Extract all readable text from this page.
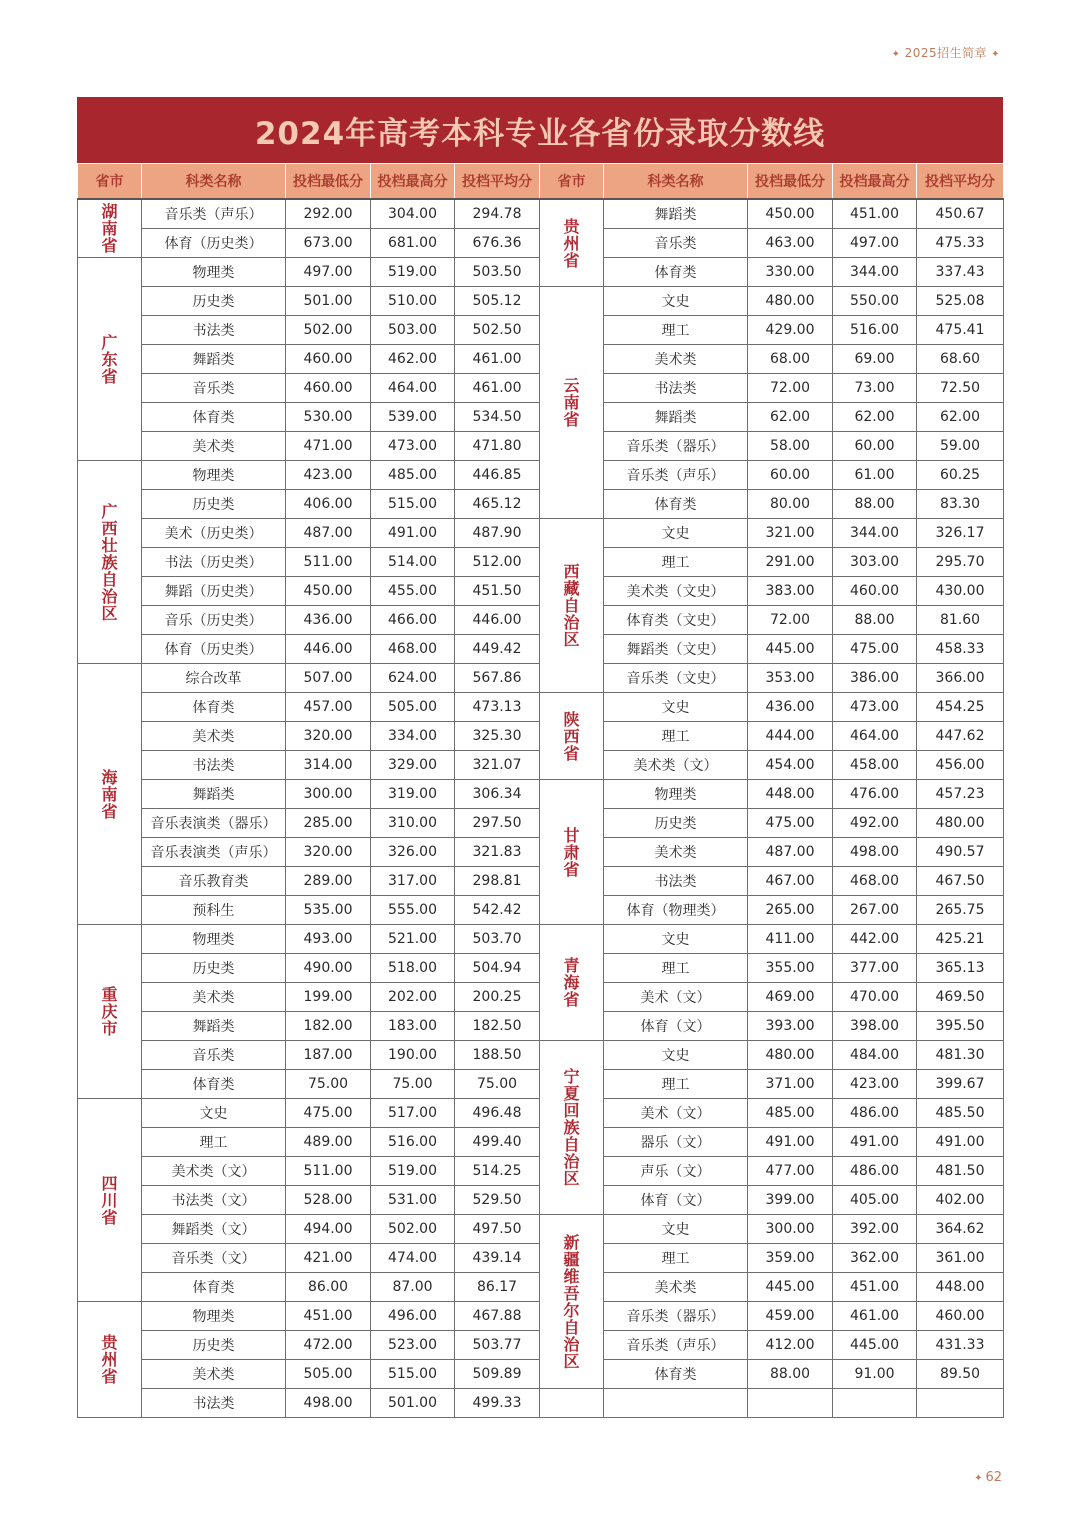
✦ 2025招生简章 ✦
2024年高考本科专业各省份录取分数线
省市	科类名称	投档最低分	投档最高分	投档平均分	省市	科类名称	投档最低分	投档最高分	投档平均分
湖南省	音乐类（声乐）	292.00	304.00	294.78	贵州省	舞蹈类	450.00	451.00	450.67
	体育（历史类）	673.00	681.00	676.36		音乐类	463.00	497.00	475.33
广东省	物理类	497.00	519.00	503.50		体育类	330.00	344.00	337.43
	历史类	501.00	510.00	505.12	云南省	文史	480.00	550.00	525.08
	书法类	502.00	503.00	502.50		理工	429.00	516.00	475.41
	舞蹈类	460.00	462.00	461.00		美术类	68.00	69.00	68.60
	音乐类	460.00	464.00	461.00		书法类	72.00	73.00	72.50
	体育类	530.00	539.00	534.50		舞蹈类	62.00	62.00	62.00
	美术类	471.00	473.00	471.80		音乐类（器乐）	58.00	60.00	59.00
广西壮族自治区	物理类	423.00	485.00	446.85		音乐类（声乐）	60.00	61.00	60.25
	历史类	406.00	515.00	465.12		体育类	80.00	88.00	83.30
	美术（历史类）	487.00	491.00	487.90	西藏自治区	文史	321.00	344.00	326.17
	书法（历史类）	511.00	514.00	512.00		理工	291.00	303.00	295.70
	舞蹈（历史类）	450.00	455.00	451.50		美术类（文史）	383.00	460.00	430.00
	音乐（历史类）	436.00	466.00	446.00		体育类（文史）	72.00	88.00	81.60
	体育（历史类）	446.00	468.00	449.42		舞蹈类（文史）	445.00	475.00	458.33
海南省	综合改革	507.00	624.00	567.86		音乐类（文史）	353.00	386.00	366.00
	体育类	457.00	505.00	473.13	陕西省	文史	436.00	473.00	454.25
	美术类	320.00	334.00	325.30		理工	444.00	464.00	447.62
	书法类	314.00	329.00	321.07		美术类（文）	454.00	458.00	456.00
	舞蹈类	300.00	319.00	306.34	甘肃省	物理类	448.00	476.00	457.23
	音乐表演类（器乐）	285.00	310.00	297.50		历史类	475.00	492.00	480.00
	音乐表演类（声乐）	320.00	326.00	321.83		美术类	487.00	498.00	490.57
	音乐教育类	289.00	317.00	298.81		书法类	467.00	468.00	467.50
	预科生	535.00	555.00	542.42		体育（物理类）	265.00	267.00	265.75
重庆市	物理类	493.00	521.00	503.70	青海省	文史	411.00	442.00	425.21
	历史类	490.00	518.00	504.94		理工	355.00	377.00	365.13
	美术类	199.00	202.00	200.25		美术（文）	469.00	470.00	469.50
	舞蹈类	182.00	183.00	182.50		体育（文）	393.00	398.00	395.50
	音乐类	187.00	190.00	188.50	宁夏回族自治区	文史	480.00	484.00	481.30
	体育类	75.00	75.00	75.00		理工	371.00	423.00	399.67
四川省	文史	475.00	517.00	496.48		美术（文）	485.00	486.00	485.50
	理工	489.00	516.00	499.40		器乐（文）	491.00	491.00	491.00
	美术类（文）	511.00	519.00	514.25		声乐（文）	477.00	486.00	481.50
	书法类（文）	528.00	531.00	529.50		体育（文）	399.00	405.00	402.00
	舞蹈类（文）	494.00	502.00	497.50	新疆维吾尔自治区	文史	300.00	392.00	364.62
	音乐类（文）	421.00	474.00	439.14		理工	359.00	362.00	361.00
	体育类	86.00	87.00	86.17		美术类	445.00	451.00	448.00
贵州省	物理类	451.00	496.00	467.88		音乐类（器乐）	459.00	461.00	460.00
	历史类	472.00	523.00	503.77		音乐类（声乐）	412.00	445.00	431.33
	美术类	505.00	515.00	509.89		体育类	88.00	91.00	89.50
	书法类	498.00	501.00	499.33					
✦ 62
